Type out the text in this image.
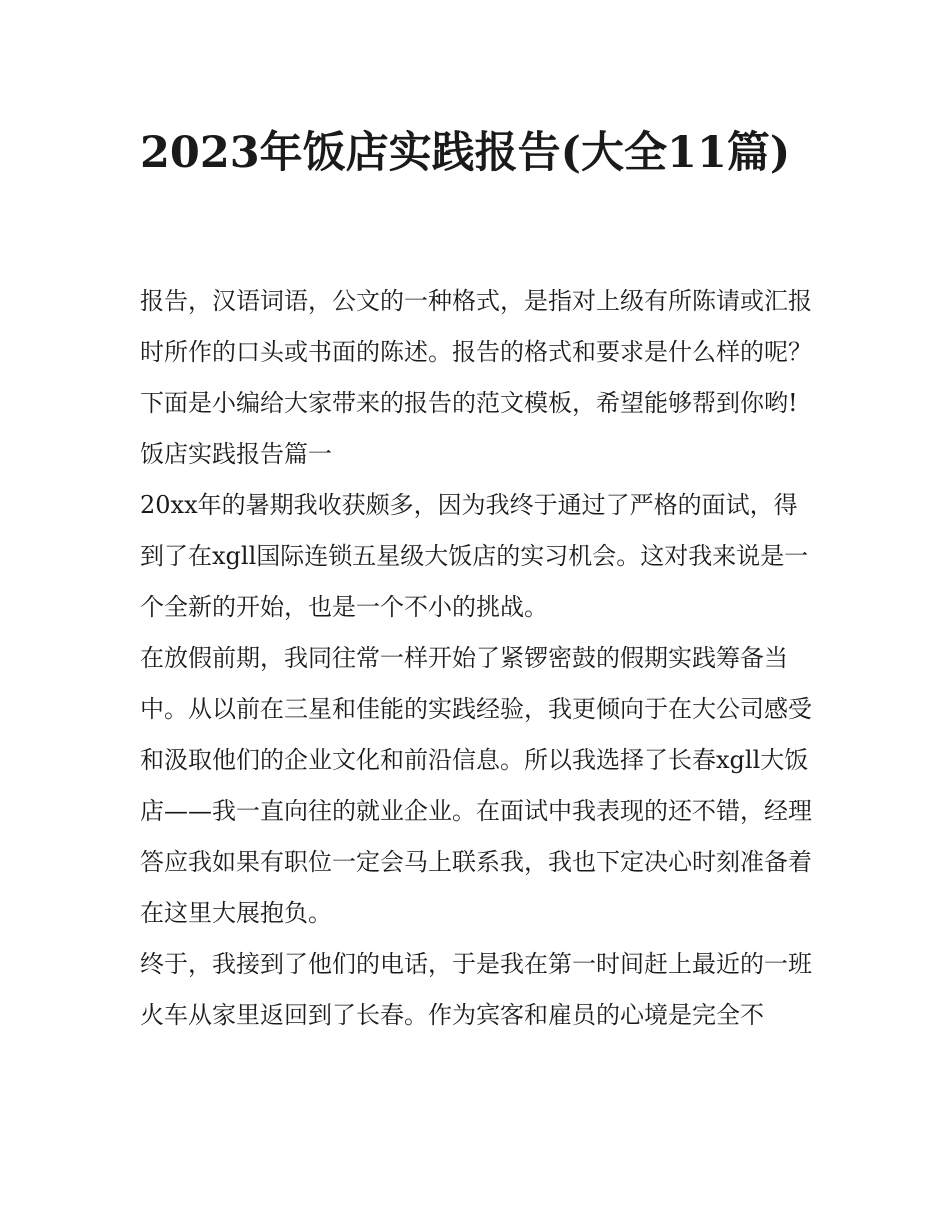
2023年饭店实践报告(大全11篇)

报告，汉语词语，公文的一种格式，是指对上级有所陈请或汇报时所作的口头或书面的陈述。报告的格式和要求是什么样的呢？下面是小编给大家带来的报告的范文模板，希望能够帮到你哟!

饭店实践报告篇一

20xx年的暑期我收获颇多，因为我终于通过了严格的面试，得到了在xgll国际连锁五星级大饭店的实习机会。这对我来说是一个全新的开始，也是一个不小的挑战。

在放假前期，我同往常一样开始了紧锣密鼓的假期实践筹备当中。从以前在三星和佳能的实践经验，我更倾向于在大公司感受和汲取他们的企业文化和前沿信息。所以我选择了长春xgll大饭店——我一直向往的就业企业。在面试中我表现的还不错，经理答应我如果有职位一定会马上联系我，我也下定决心时刻准备着在这里大展抱负。

终于，我接到了他们的电话，于是我在第一时间赶上最近的一班火车从家里返回到了长春。作为宾客和雇员的心境是完全不
